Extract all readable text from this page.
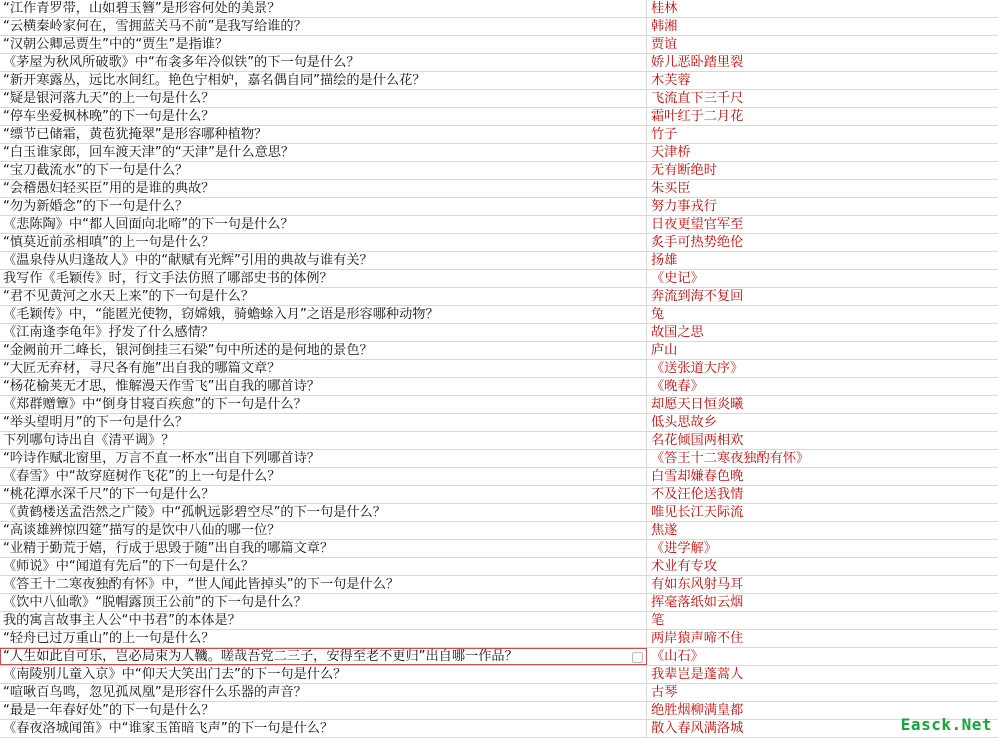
“江作青罗带，山如碧玉簪”是形容何处的美景？	桂林
“云横秦岭家何在，雪拥蓝关马不前”是我写给谁的？	韩湘
“汉朝公卿忌贾生”中的“贾生”是指谁？	贾谊
《茅屋为秋风所破歌》中“布衾多年冷似铁”的下一句是什么？	娇儿恶卧踏里裂
“新开寒露丛，远比水间红。艳色宁相妒，嘉名偶自同”描绘的是什么花？	木芙蓉
“疑是银河落九天”的上一句是什么？	飞流直下三千尺
“停车坐爱枫林晚”的下一句是什么？	霜叶红于二月花
“缥节已储霜，黄苞犹掩翠”是形容哪种植物？	竹子
“白玉谁家郎，回车渡天津”的“天津”是什么意思？	天津桥
“宝刀截流水”的下一句是什么？	无有断绝时
“会稽愚妇轻买臣”用的是谁的典故？	朱买臣
“勿为新婚念”的下一句是什么？	努力事戎行
《悲陈陶》中“都人回面向北啼”的下一句是什么？	日夜更望官军至
“慎莫近前丞相嗔”的上一句是什么？	炙手可热势绝伦
《温泉侍从归逢故人》中的“献赋有光辉”引用的典故与谁有关？	扬雄
我写作《毛颖传》时，行文手法仿照了哪部史书的体例？	《史记》
“君不见黄河之水天上来”的下一句是什么？	奔流到海不复回
《毛颖传》中，“能匿光使物，窃嫦娥，骑蟾蜍入月”之语是形容哪种动物？	兔
《江南逢李龟年》抒发了什么感情？	故国之思
“金阙前开二峰长，银河倒挂三石梁”句中所述的是何地的景色？	庐山
“大匠无弃材，寻尺各有施”出自我的哪篇文章？	《送张道大序》
“杨花榆荚无才思，惟解漫天作雪飞”出自我的哪首诗？	《晚春》
《郑群赠簟》中“倒身甘寝百疾愈”的下一句是什么？	却愿天日恒炎曦
“举头望明月”的下一句是什么？	低头思故乡
下列哪句诗出自《清平调》？	名花倾国两相欢
“吟诗作赋北窗里，万言不直一杯水”出自下列哪首诗？	《答王十二寒夜独酌有怀》
《春雪》中“故穿庭树作飞花”的上一句是什么？	白雪却嫌春色晚
“桃花潭水深千尺”的下一句是什么？	不及汪伦送我情
《黄鹤楼送孟浩然之广陵》中“孤帆远影碧空尽”的下一句是什么？	唯见长江天际流
“高谈雄辨惊四筵”描写的是饮中八仙的哪一位？	焦遂
“业精于勤荒于嬉，行成于思毁于随”出自我的哪篇文章？	《进学解》
《师说》中“闻道有先后”的下一句是什么？	术业有专攻
《答王十二寒夜独酌有怀》中，“世人闻此皆掉头”的下一句是什么？	有如东风射马耳
《饮中八仙歌》“脱帽露顶王公前”的下一句是什么？	挥毫落纸如云烟
我的寓言故事主人公“中书君”的本体是？	笔
“轻舟已过万重山”的上一句是什么？	两岸猿声啼不住
“人生如此自可乐，岂必局束为人鞿。嗟哉吾党二三子，安得至老不更归”出自哪一作品？	《山石》
《南陵别儿童入京》中“仰天大笑出门去”的下一句是什么？	我辈岂是蓬蒿人
“喧啾百鸟鸣，忽见孤凤凰”是形容什么乐器的声音？	古琴
“最是一年春好处”的下一句是什么？	绝胜烟柳满皇都
《春夜洛城闻笛》中“谁家玉笛暗飞声”的下一句是什么？	散入春风满洛城	Easck.Net
